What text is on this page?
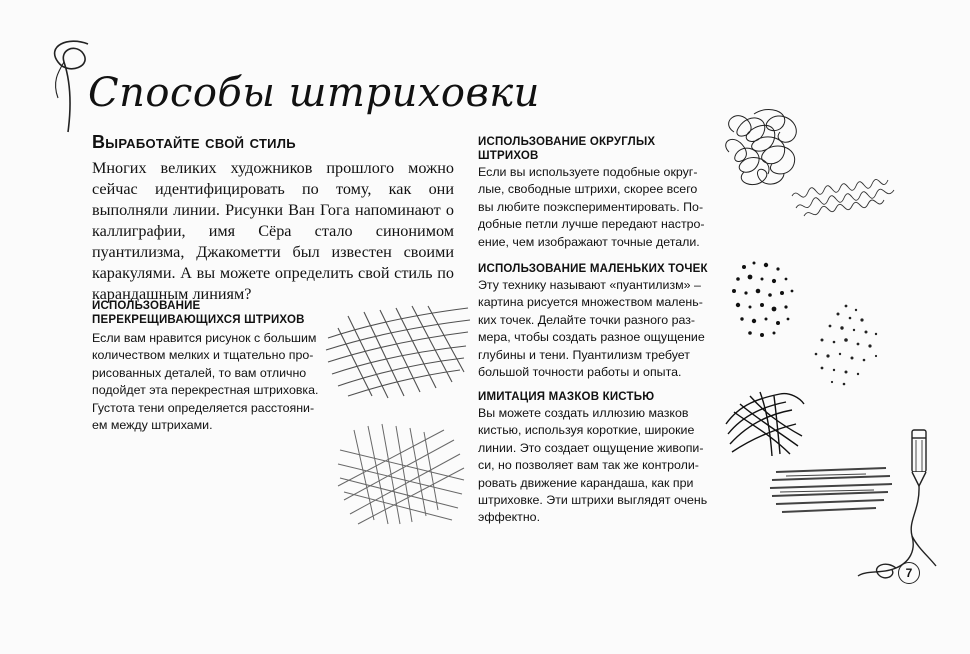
Способы штриховки
Выработайте свой стиль

Многих великих художников прошлого можно сейчас идентифицировать по тому, как они выполняли линии. Рисунки Ван Гога напоминают о каллиграфии, имя Сёра стало синонимом пуантилизма, Джакометти был известен своими каракулями. А вы можете определить свой стиль по карандашным линиям?

ИСПОЛЬЗОВАНИЕ
ПЕРЕКРЕЩИВАЮЩИХСЯ ШТРИХОВ

Если вам нравится рисунок с большим
количеством мелких и тщательно про-
рисованных деталей, то вам отлично
подойдет эта перекрестная штриховка.
Густота тени определяется расстояни-
ем между штрихами.

ИСПОЛЬЗОВАНИЕ ОКРУГЛЫХ
ШТРИХОВ

Если вы используете подобные округ-
лые, свободные штрихи, скорее всего
вы любите поэкспериментировать. По-
добные петли лучше передают настро-
ение, чем изображают точные детали.

ИСПОЛЬЗОВАНИЕ МАЛЕНЬКИХ ТОЧЕК

Эту технику называют «пуантилизм» –
картина рисуется множеством малень-
ких точек. Делайте точки разного раз-
мера, чтобы создать разное ощущение
глубины и тени. Пуантилизм требует
большой точности работы и опыта.

ИМИТАЦИЯ МАЗКОВ КИСТЬЮ

Вы можете создать иллюзию мазков
кистью, используя короткие, широкие
линии. Это создает ощущение живопи-
си, но позволяет вам так же контроли-
ровать движение карандаша, как при
штриховке. Эти штрихи выглядят очень
эффектно.
7
